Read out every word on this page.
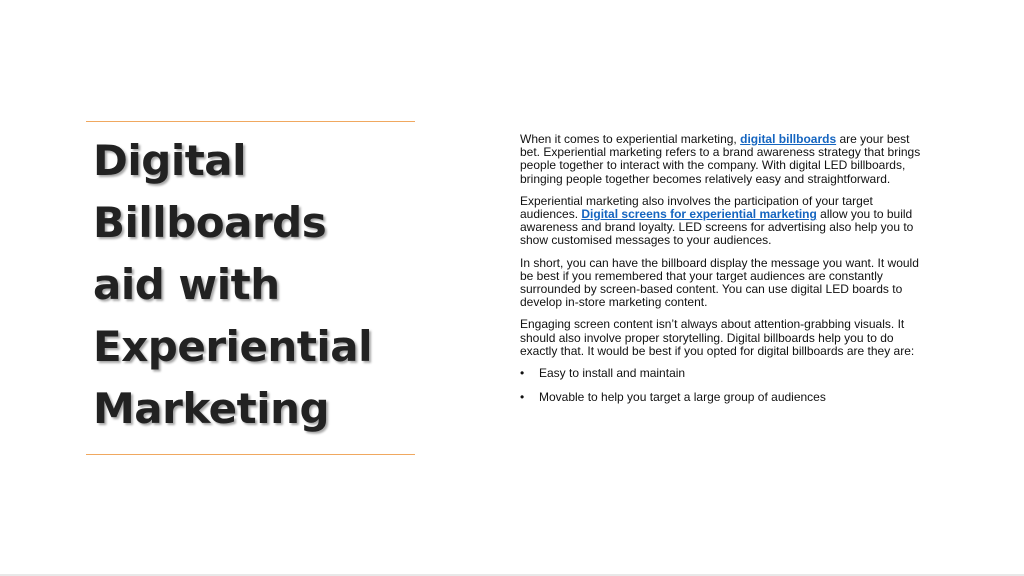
Digital
Billboards
aid with
Experiential
Marketing

When it comes to experiential marketing, digital billboards are your best bet. Experiential marketing refers to a brand awareness strategy that brings people together to interact with the company. With digital LED billboards, bringing people together becomes relatively easy and straightforward.

Experiential marketing also involves the participation of your target audiences. Digital screens for experiential marketing allow you to build awareness and brand loyalty. LED screens for advertising also help you to show customised messages to your audiences.

In short, you can have the billboard display the message you want. It would be best if you remembered that your target audiences are constantly surrounded by screen-based content. You can use digital LED boards to develop in-store marketing content.

Engaging screen content isn’t always about attention-grabbing visuals. It should also involve proper storytelling. Digital billboards help you to do exactly that. It would be best if you opted for digital billboards are they are:

• Easy to install and maintain
• Movable to help you target a large group of audiences
